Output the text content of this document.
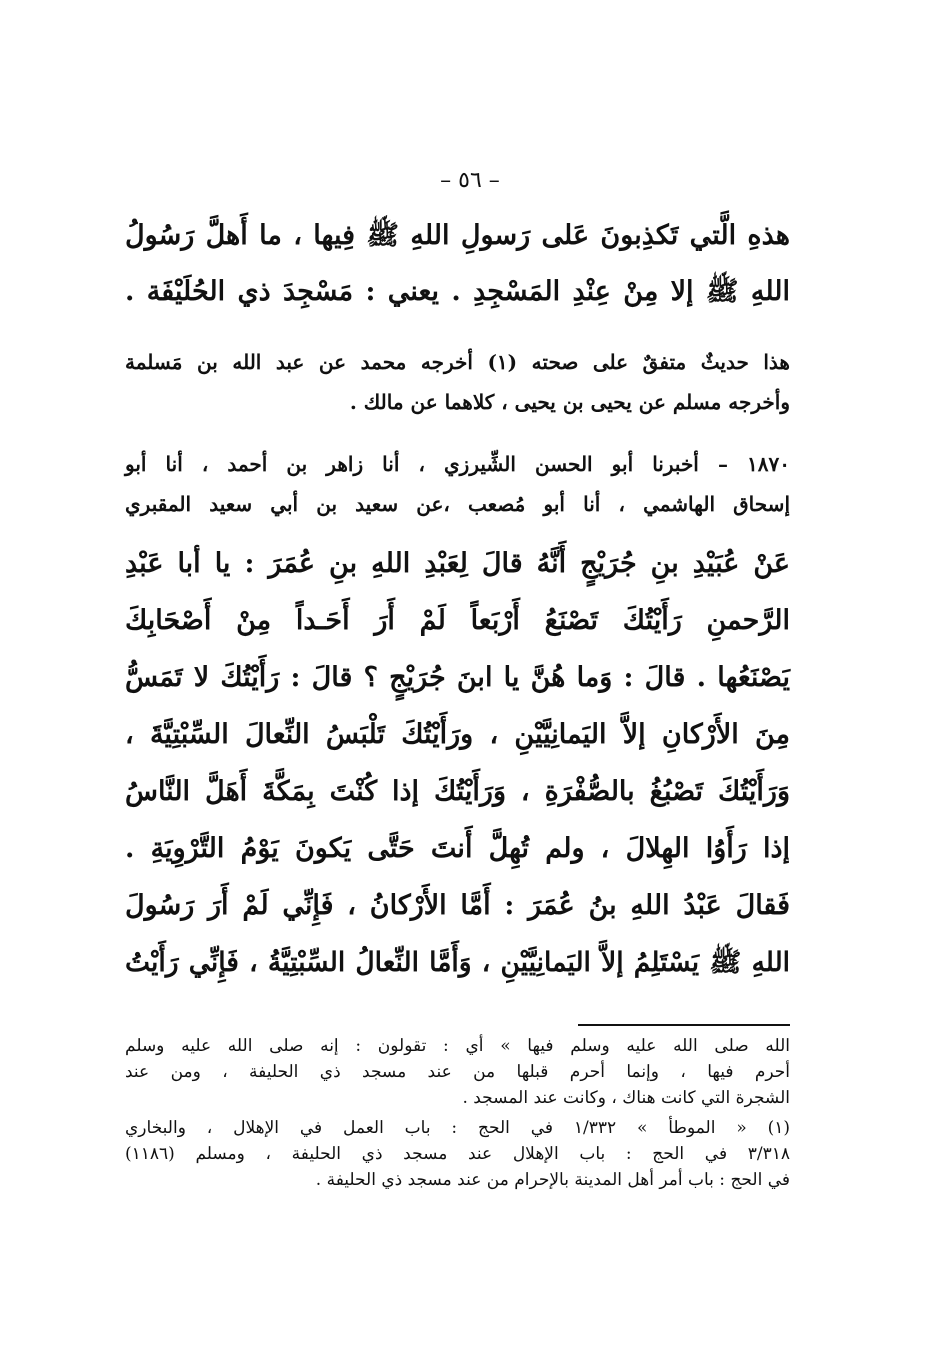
– ٥٦ –
هذهِ الَّتي تَكذِبونَ عَلى رَسولِ اللهِ ﷺ فِيها ، ما أَهلَّ رَسُولُ
اللهِ ﷺ إلا مِنْ عِنْدِ المَسْجِدِ . يعني : مَسْجِدَ ذي الحُلَيْفَة .
هذا حديثٌ متفقٌ على صحته (١) أخرجه محمد عن عبد الله بن مَسلمة
وأخرجه مسلم عن يحيى بن يحيى ، كلاهما عن مالك .
١٨٧٠ – أخبرنا أبو الحسن الشِّيرزي ، أنا زاهر بن أحمد ، أنا أبو
إسحاق الهاشمي ، أنا أبو مُصعب ،عن سعيد بن أبي سعيد المقبري
عَنْ عُبَيْدِ بنِ جُرَيْجٍ أَنَّهُ قالَ لِعَبْدِ اللهِ بنِ عُمَرَ : يا أبا عَبْدِ
الرَّحمنِ رَأَيْتُكَ تَصْنَعُ أَرْبَعاً لَمْ أَرَ أَحَـداً مِنْ أَصْحَابِكَ
يَصْنَعُها . قالَ : وَما هُنَّ يا ابنَ جُرَيْجٍ ؟ قالَ : رَأَيْتُكَ لا تَمَسُّ
مِنَ الأَرْكانِ إلاَّ اليَمانِيَّيْنِ ، ورَأَيْتُكَ تَلْبَسُ النِّعالَ السِّبْتِيَّةَ ،
وَرَأَيْتُكَ تَصْبُغُ بالصُّفْرَةِ ، وَرَأَيْتُكَ إذا كُنْتَ بِمَكَّةَ أَهَلَّ النَّاسُ
إذا رَأَوُا الهِلالَ ، ولم تُهِلَّ أَنتَ حَتَّى يَكونَ يَوْمُ التَّرْوِيَةِ .
فَقالَ عَبْدُ اللهِ بنُ عُمَرَ : أَمَّا الأَرْكانُ ، فَإِنِّي لَمْ أَرَ رَسُولَ
اللهِ ﷺ يَسْتَلِمُ إلاَّ اليَمانِيَّيْنِ ، وَأَمَّا النِّعالُ السِّبْتِيَّةُ ، فَإِنِّي رَأَيْتُ
الله صلى الله عليه وسلم فيها » أي : تقولون : إنه صلى الله عليه وسلم
أحرم فيها ، وإنما أحرم قبلها من عند مسجد ذي الحليفة ، ومن عند
الشجرة التي كانت هناك ، وكانت عند المسجد .
(١) « الموطأ » ١/٣٣٢ في الحج : باب العمل في الإهلال ، والبخاري
٣/٣١٨ في الحج : باب الإهلال عند مسجد ذي الحليفة ، ومسلم (١١٨٦)
في الحج : باب أمر أهل المدينة بالإحرام من عند مسجد ذي الحليفة .
